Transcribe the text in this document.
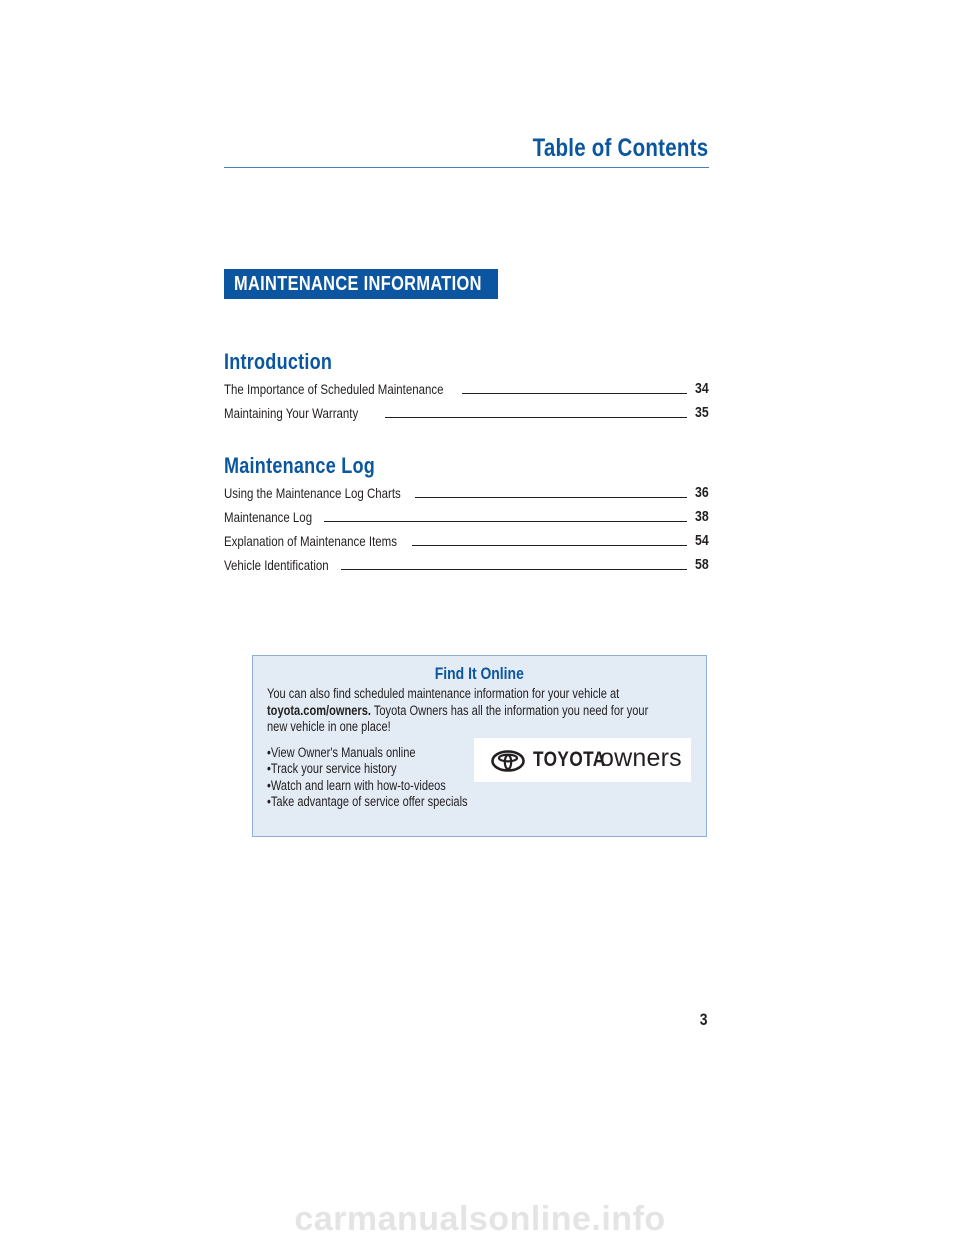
Table of Contents
MAINTENANCE INFORMATION
Introduction
The Importance of Scheduled Maintenance	34
Maintaining Your Warranty	35
Maintenance Log
Using the Maintenance Log Charts	36
Maintenance Log	38
Explanation of Maintenance Items	54
Vehicle Identification	58
Find It Online
You can also find scheduled maintenance information for your vehicle at
toyota.com/owners. Toyota Owners has all the information you need for your
new vehicle in one place!
•View Owner's Manuals online
•Track your service history
•Watch and learn with how-to-videos
•Take advantage of service offer specials
TOYOTA
owners
3
carmanualsonline.info
